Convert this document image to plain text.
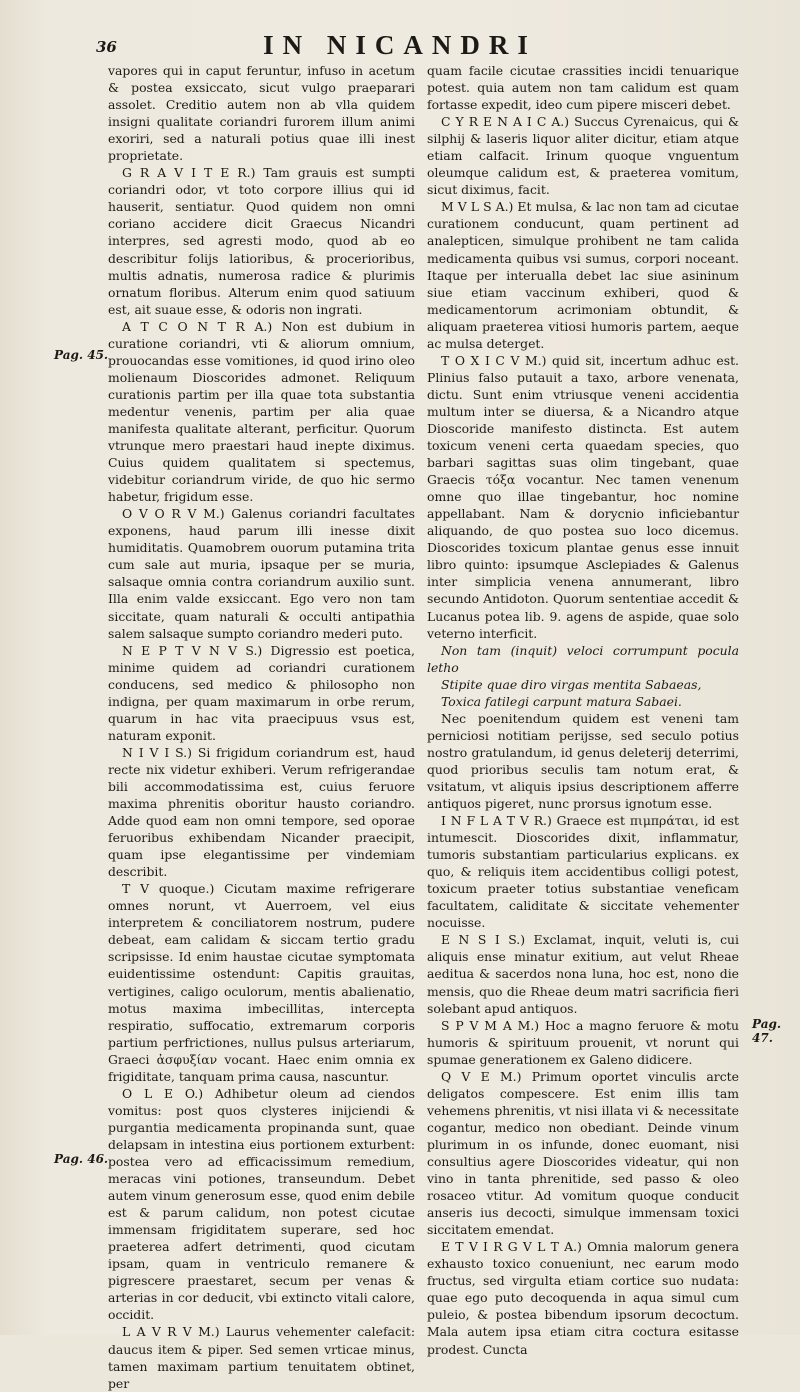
36	IN NICANDRI
Pag. 45.
Pag. 46.
Pag. 47.

vapores qui in caput feruntur, infuso in acetum & postea exsiccato, sicut vulgo praeparari assolet. Creditio autem non ab vlla quidem insigni qualitate coriandri furorem illum animi exoriri, sed a naturali potius quae illi inest proprietate.

G R A V I T E R.) Tam grauis est sumpti coriandri odor, vt toto corpore illius qui id hauserit, sentiatur. Quod quidem non omni coriano accidere dicit Graecus Nicandri interpres, sed agresti modo, quod ab eo describitur folijs latioribus, & procerioribus, multis adnatis, numerosa radice & plurimis ornatum floribus. Alterum enim quod satiuum est, ait suaue esse, & odoris non ingrati.

A T C O N T R A.) Non est dubium in curatione coriandri, vti & aliorum omnium, prouocandas esse vomitiones, id quod irino oleo molienaum Dioscorides admonet. Reliquum curationis partim per illa quae tota substantia medentur venenis, partim per alia quae manifesta qualitate alterant, perficitur. Quorum vtrunque mero praestari haud inepte diximus. Cuius quidem qualitatem si spectemus, videbitur coriandrum viride, de quo hic sermo habetur, frigidum esse.

O V O R V M.) Galenus coriandri facultates exponens, haud parum illi inesse dixit humiditatis. Quamobrem ouorum putamina trita cum sale aut muria, ipsaque per se muria, salsaque omnia contra coriandrum auxilio sunt. Illa enim valde exsiccant. Ego vero non tam siccitate, quam naturali & occulti antipathia salem salsaque sumpto coriandro mederi puto.

N E P T V N V S.) Digressio est poetica, minime quidem ad coriandri curationem conducens, sed medico & philosopho non indigna, per quam maximarum in orbe rerum, quarum in hac vita praecipuus vsus est, naturam exponit.

N I V I S.) Si frigidum coriandrum est, haud recte nix videtur exhiberi. Verum refrigerandae bili accommodatissima est, cuius feruore maxima phrenitis oboritur hausto coriandro. Adde quod eam non omni tempore, sed oporae feruoribus exhibendam Nicander praecipit, quam ipse elegantissime per vindemiam describit.

T V quoque.) Cicutam maxime refrigerare omnes norunt, vt Auerroem, vel eius interpretem & conciliatorem nostrum, pudere debeat, eam calidam & siccam tertio gradu scripsisse. Id enim haustae cicutae symptomata euidentissime ostendunt: Capitis grauitas, vertigines, caligo oculorum, mentis abalienatio, motus maxima imbecillitas, intercepta respiratio, suffocatio, extremarum corporis partium perfrictiones, nullus pulsus arteriarum, Graeci ἀσφυξίαν vocant. Haec enim omnia ex frigiditate, tanquam prima causa, nascuntur.

O L E O.) Adhibetur oleum ad ciendos vomitus: post quos clysteres inijciendi & purgantia medicamenta propinanda sunt, quae delapsam in intestina eius portionem exturbent: postea vero ad efficacissimum remedium, meracas vini potiones, transeundum. Debet autem vinum generosum esse, quod enim debile est & parum calidum, non potest cicutae immensam frigiditatem superare, sed hoc praeterea adfert detrimenti, quod cicutam ipsam, quam in ventriculo remanere & pigrescere praestaret, secum per venas & arterias in cor deducit, vbi extincto vitali calore, occidit.

L A V R V M.) Laurus vehementer calefacit: daucus item & piper. Sed semen vrticae minus, tamen maximam partium tenuitatem obtinet, per

quam facile cicutae crassities incidi tenuarique potest. quia autem non tam calidum est quam fortasse expedit, ideo cum pipere misceri debet.

C Y R E N A I C A.) Succus Cyrenaicus, qui & silphij & laseris liquor aliter dicitur, etiam atque etiam calfacit. Irinum quoque vnguentum oleumque calidum est, & praeterea vomitum, sicut diximus, facit.

M V L S A.) Et mulsa, & lac non tam ad cicutae curationem conducunt, quam pertinent ad analepticen, simulque prohibent ne tam calida medicamenta quibus vsi sumus, corpori noceant. Itaque per interualla debet lac siue asininum siue etiam vaccinum exhiberi, quod & medicamentorum acrimoniam obtundit, & aliquam praeterea vitiosi humoris partem, aeque ac mulsa deterget.

T O X I C V M.) quid sit, incertum adhuc est. Plinius falso putauit a taxo, arbore venenata, dictu. Sunt enim vtriusque veneni accidentia multum inter se diuersa, & a Nicandro atque Dioscoride manifesto distincta. Est autem toxicum veneni certa quaedam species, quo barbari sagittas suas olim tingebant, quae Graecis τόξα vocantur. Nec tamen venenum omne quo illae tingebantur, hoc nomine appellabant. Nam & dorycnio inficiebantur aliquando, de quo postea suo loco dicemus. Dioscorides toxicum plantae genus esse innuit libro quinto: ipsumque Asclepiades & Galenus inter simplicia venena annumerant, libro secundo Antidoton. Quorum sententiae accedit & Lucanus potea lib. 9. agens de aspide, quae solo veterno interficit.

Non tam (inquit) veloci corrumpunt pocula letho

Stipite quae diro virgas mentita Sabaeas,

Toxica fatilegi carpunt matura Sabaei.

Nec poenitendum quidem est veneni tam perniciosi notitiam perijsse, sed seculo potius nostro gratulandum, id genus deleterij deterrimi, quod prioribus seculis tam notum erat, & vsitatum, vt aliquis ipsius descriptionem afferre antiquos pigeret, nunc prorsus ignotum esse.

I N F L A T V R.) Graece est πιμπράται, id est intumescit. Dioscorides dixit, inflammatur, tumoris substantiam particularius explicans. ex quo, & reliquis item accidentibus colligi potest, toxicum praeter totius substantiae veneficam facultatem, caliditate & siccitate vehementer nocuisse.

E N S I S.) Exclamat, inquit, veluti is, cui aliquis ense minatur exitium, aut velut Rheae aeditua & sacerdos nona luna, hoc est, nono die mensis, quo die Rheae deum matri sacrificia fieri solebant apud antiquos.

S P V M A M.) Hoc a magno feruore & motu humoris & spirituum prouenit, vt norunt qui spumae generationem ex Galeno didicere.

Q V E M.) Primum oportet vinculis arcte deligatos compescere. Est enim illis tam vehemens phrenitis, vt nisi illata vi & necessitate cogantur, medico non obediant. Deinde vinum plurimum in os infunde, donec euomant, nisi consultius agere Dioscorides videatur, qui non vino in tanta phrenitide, sed passo & oleo rosaceo vtitur. Ad vomitum quoque conducit anseris ius decocti, simulque immensam toxici siccitatem emendat.

E T V I R G V L T A.) Omnia malorum genera exhausto toxico conueniunt, nec earum modo fructus, sed virgulta etiam cortice suo nudata: quae ego puto decoquenda in aqua simul cum puleio, & postea bibendum ipsorum decoctum. Mala autem ipsa etiam citra coctura esitasse prodest. Cuncta
